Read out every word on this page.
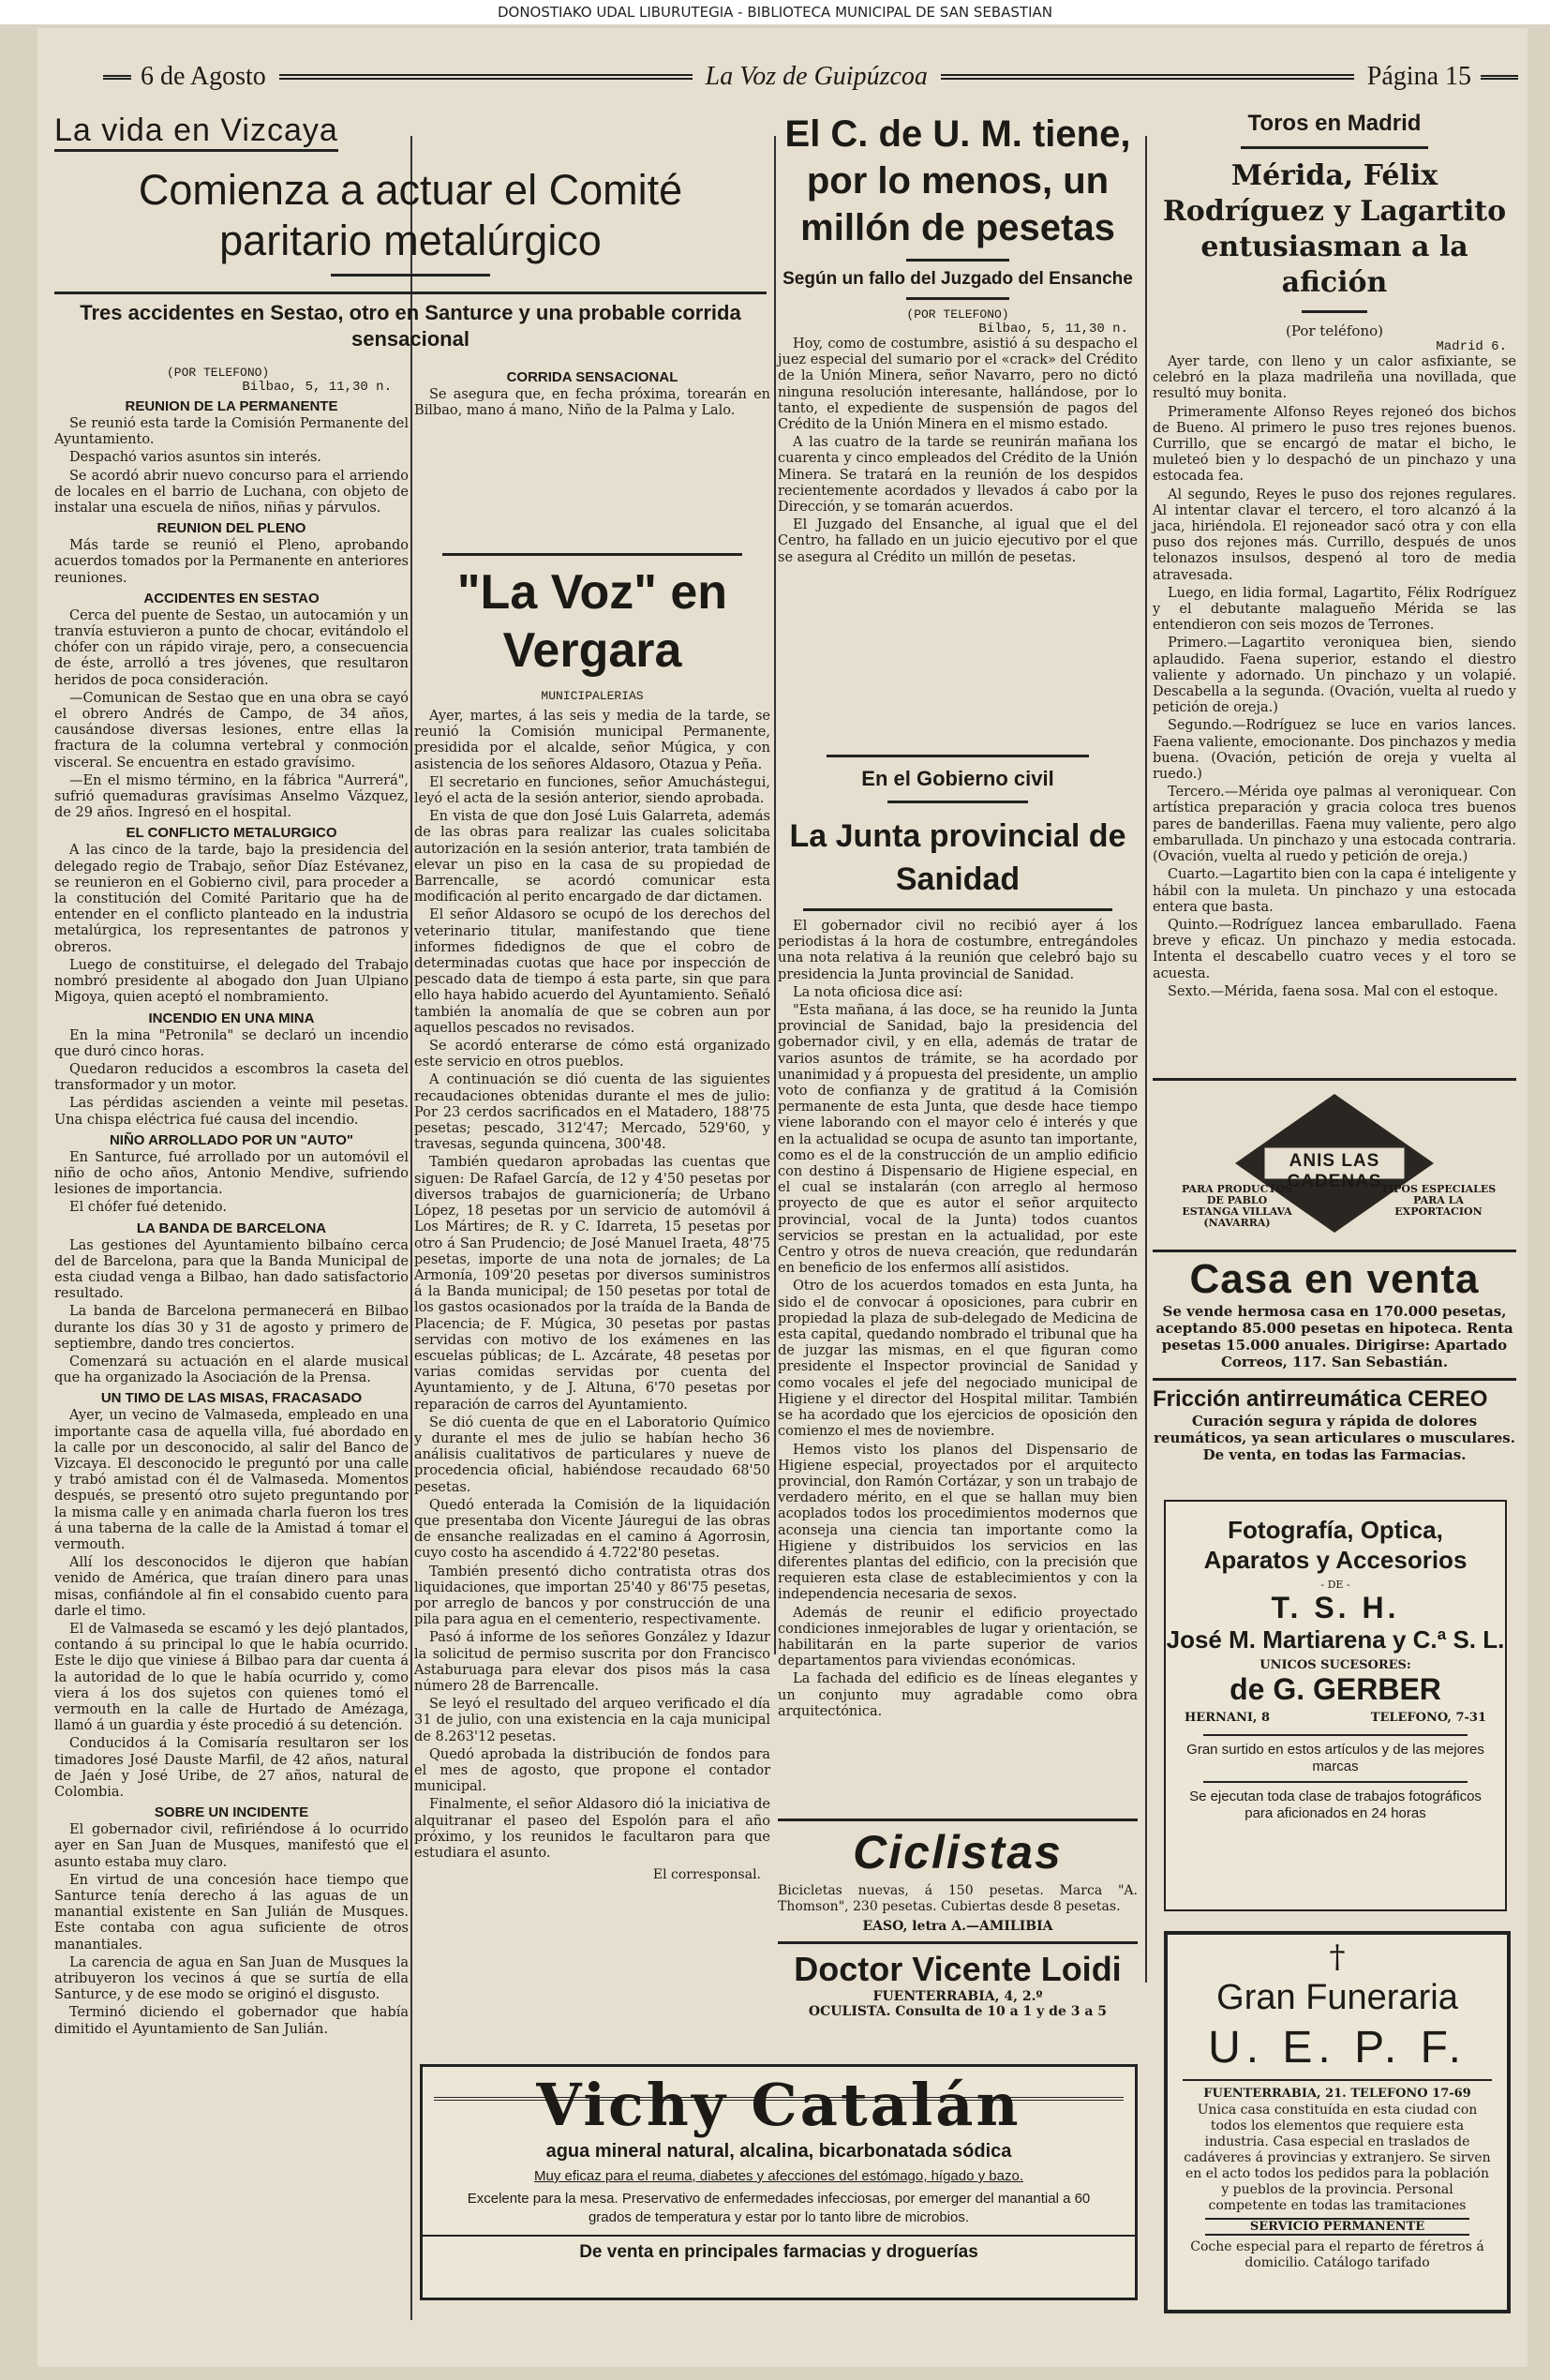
DONOSTIAKO UDAL LIBURUTEGIA - BIBLIOTECA MUNICIPAL DE SAN SEBASTIAN
6 de Agosto	La Voz de Guipúzcoa	Página 15
La vida en Vizcaya
Comienza a actuar el Comité paritario metalúrgico
Tres accidentes en Sestao, otro en Santurce y una probable corrida sensacional
(POR TELEFONO)
Bilbao, 5, 11,30 n.
REUNION DE LA PERMANENTE

Se reunió esta tarde la Comisión Permanente del Ayuntamiento.

Despachó varios asuntos sin interés.

Se acordó abrir nuevo concurso para el arriendo de locales en el barrio de Luchana, con objeto de instalar una escuela de niños, niñas y párvulos.

REUNION DEL PLENO

Más tarde se reunió el Pleno, aprobando acuerdos tomados por la Permanente en anteriores reuniones.

ACCIDENTES EN SESTAO

Cerca del puente de Sestao, un autocamión y un tranvía estuvieron a punto de chocar, evitándolo el chófer con un rápido viraje, pero, a consecuencia de éste, arrolló a tres jóvenes, que resultaron heridos de poca consideración.

—Comunican de Sestao que en una obra se cayó el obrero Andrés de Campo, de 34 años, causándose diversas lesiones, entre ellas la fractura de la columna vertebral y conmoción visceral. Se encuentra en estado gravísimo.

—En el mismo término, en la fábrica "Aurrerá", sufrió quemaduras gravísimas Anselmo Vázquez, de 29 años. Ingresó en el hospital.

EL CONFLICTO METALURGICO

A las cinco de la tarde, bajo la presidencia del delegado regio de Trabajo, señor Díaz Estévanez, se reunieron en el Gobierno civil, para proceder a la constitución del Comité Paritario que ha de entender en el conflicto planteado en la industria metalúrgica, los representantes de patronos y obreros.

Luego de constituirse, el delegado del Trabajo nombró presidente al abogado don Juan Ulpiano Migoya, quien aceptó el nombramiento.

INCENDIO EN UNA MINA

En la mina "Petronila" se declaró un incendio que duró cinco horas.

Quedaron reducidos a escombros la caseta del transformador y un motor.

Las pérdidas ascienden a veinte mil pesetas. Una chispa eléctrica fué causa del incendio.

NIÑO ARROLLADO POR UN "AUTO"

En Santurce, fué arrollado por un automóvil el niño de ocho años, Antonio Mendive, sufriendo lesiones de importancia.

El chófer fué detenido.

LA BANDA DE BARCELONA

Las gestiones del Ayuntamiento bilbaíno cerca del de Barcelona, para que la Banda Municipal de esta ciudad venga a Bilbao, han dado satisfactorio resultado.

La banda de Barcelona permanecerá en Bilbao durante los días 30 y 31 de agosto y primero de septiembre, dando tres conciertos.

Comenzará su actuación en el alarde musical que ha organizado la Asociación de la Prensa.

UN TIMO DE LAS MISAS, FRACASADO

Ayer, un vecino de Valmaseda, empleado en una importante casa de aquella villa, fué abordado en la calle por un desconocido, al salir del Banco de Vizcaya. El desconocido le preguntó por una calle y trabó amistad con él de Valmaseda. Momentos después, se presentó otro sujeto preguntando por la misma calle y en animada charla fueron los tres á una taberna de la calle de la Amistad á tomar el vermouth.

Allí los desconocidos le dijeron que habían venido de América, que traían dinero para unas misas, confiándole al fin el consabido cuento para darle el timo.

El de Valmaseda se escamó y les dejó plantados, contando á su principal lo que le había ocurrido. Este le dijo que viniese á Bilbao para dar cuenta á la autoridad de lo que le había ocurrido y, como viera á los dos sujetos con quienes tomó el vermouth en la calle de Hurtado de Amézaga, llamó á un guardia y éste procedió á su detención.

Conducidos á la Comisaría resultaron ser los timadores José Dauste Marfil, de 42 años, natural de Jaén y José Uribe, de 27 años, natural de Colombia.

SOBRE UN INCIDENTE

El gobernador civil, refiriéndose á lo ocurrido ayer en San Juan de Musques, manifestó que el asunto estaba muy claro.

En virtud de una concesión hace tiempo que Santurce tenía derecho á las aguas de un manantial existente en San Julián de Musques. Este contaba con agua suficiente de otros manantiales.

La carencia de agua en San Juan de Musques la atribuyeron los vecinos á que se surtía de ella Santurce, y de ese modo se originó el disgusto.

Terminó diciendo el gobernador que había dimitido el Ayuntamiento de San Julián.

CORRIDA SENSACIONAL

Se asegura que, en fecha próxima, torearán en Bilbao, mano á mano, Niño de la Palma y Lalo.

"La Voz" en Vergara
MUNICIPALERIAS

Ayer, martes, á las seis y media de la tarde, se reunió la Comisión municipal Permanente, presidida por el alcalde, señor Múgica, y con asistencia de los señores Aldasoro, Otazua y Peña.

El secretario en funciones, señor Amuchástegui, leyó el acta de la sesión anterior, siendo aprobada.

En vista de que don José Luis Galarreta, además de las obras para realizar las cuales solicitaba autorización en la sesión anterior, trata también de elevar un piso en la casa de su propiedad de Barrencalle, se acordó comunicar esta modificación al perito encargado de dar dictamen.

El señor Aldasoro se ocupó de los derechos del veterinario titular, manifestando que tiene informes fidedignos de que el cobro de determinadas cuotas que hace por inspección de pescado data de tiempo á esta parte, sin que para ello haya habido acuerdo del Ayuntamiento. Señaló también la anomalía de que se cobren aun por aquellos pescados no revisados.

Se acordó enterarse de cómo está organizado este servicio en otros pueblos.

A continuación se dió cuenta de las siguientes recaudaciones obtenidas durante el mes de julio: Por 23 cerdos sacrificados en el Matadero, 188'75 pesetas; pescado, 312'47; Mercado, 529'60, y travesas, segunda quincena, 300'48.

También quedaron aprobadas las cuentas que siguen: De Rafael García, de 12 y 4'50 pesetas por diversos trabajos de guarnicionería; de Urbano López, 18 pesetas por un servicio de automóvil á Los Mártires; de R. y C. Idarreta, 15 pesetas por otro á San Prudencio; de José Manuel Iraeta, 48'75 pesetas, importe de una nota de jornales; de La Armonía, 109'20 pesetas por diversos suministros á la Banda municipal; de 150 pesetas por total de los gastos ocasionados por la traída de la Banda de Placencia; de F. Múgica, 30 pesetas por pastas servidas con motivo de los exámenes en las escuelas públicas; de L. Azcárate, 48 pesetas por varias comidas servidas por cuenta del Ayuntamiento, y de J. Altuna, 6'70 pesetas por reparación de carros del Ayuntamiento.

Se dió cuenta de que en el Laboratorio Químico y durante el mes de julio se habían hecho 36 análisis cualitativos de particulares y nueve de procedencia oficial, habiéndose recaudado 68'50 pesetas.

Quedó enterada la Comisión de la liquidación que presentaba don Vicente Jáuregui de las obras de ensanche realizadas en el camino á Agorrosin, cuyo costo ha ascendido á 4.722'80 pesetas.

También presentó dicho contratista otras dos liquidaciones, que importan 25'40 y 86'75 pesetas, por arreglo de bancos y por construcción de una pila para agua en el cementerio, respectivamente.

Pasó á informe de los señores González y Idazur la solicitud de permiso suscrita por don Francisco Astaburuaga para elevar dos pisos más la casa número 28 de Barrencalle.

Se leyó el resultado del arqueo verificado el día 31 de julio, con una existencia en la caja municipal de 8.263'12 pesetas.

Quedó aprobada la distribución de fondos para el mes de agosto, que propone el contador municipal.

Finalmente, el señor Aldasoro dió la iniciativa de alquitranar el paseo del Espolón para el año próximo, y los reunidos le facultaron para que estudiara el asunto.

El corresponsal.
El C. de U. M. tiene, por lo menos, un millón de pesetas
Según un fallo del Juzgado del Ensanche
(POR TELEFONO)
Bilbao, 5, 11,30 n.

Hoy, como de costumbre, asistió á su despacho el juez especial del sumario por el «crack» del Crédito de la Unión Minera, señor Navarro, pero no dictó ninguna resolución interesante, hallándose, por lo tanto, el expediente de suspensión de pagos del Crédito de la Unión Minera en el mismo estado.

A las cuatro de la tarde se reunirán mañana los cuarenta y cinco empleados del Crédito de la Unión Minera. Se tratará en la reunión de los despidos recientemente acordados y llevados á cabo por la Dirección, y se tomarán acuerdos.

El Juzgado del Ensanche, al igual que el del Centro, ha fallado en un juicio ejecutivo por el que se asegura al Crédito un millón de pesetas.

En el Gobierno civil
La Junta provincial de Sanidad

El gobernador civil no recibió ayer á los periodistas á la hora de costumbre, entregándoles una nota relativa á la reunión que celebró bajo su presidencia la Junta provincial de Sanidad.

La nota oficiosa dice así:

"Esta mañana, á las doce, se ha reunido la Junta provincial de Sanidad, bajo la presidencia del gobernador civil, y en ella, además de tratar de varios asuntos de trámite, se ha acordado por unanimidad y á propuesta del presidente, un amplio voto de confianza y de gratitud á la Comisión permanente de esta Junta, que desde hace tiempo viene laborando con el mayor celo é interés y que en la actualidad se ocupa de asunto tan importante, como es el de la construcción de un amplio edificio con destino á Dispensario de Higiene especial, en el cual se instalarán (con arreglo al hermoso proyecto de que es autor el señor arquitecto provincial, vocal de la Junta) todos cuantos servicios se prestan en la actualidad, por este Centro y otros de nueva creación, que redundarán en beneficio de los enfermos allí asistidos.

Otro de los acuerdos tomados en esta Junta, ha sido el de convocar á oposiciones, para cubrir en propiedad la plaza de sub-delegado de Medicina de esta capital, quedando nombrado el tribunal que ha de juzgar las mismas, en el que figuran como presidente el Inspector provincial de Sanidad y como vocales el jefe del negociado municipal de Higiene y el director del Hospital militar. También se ha acordado que los ejercicios de oposición den comienzo el mes de noviembre.

Hemos visto los planos del Dispensario de Higiene especial, proyectados por el arquitecto provincial, don Ramón Cortázar, y son un trabajo de verdadero mérito, en el que se hallan muy bien acoplados todos los procedimientos modernos que aconseja una ciencia tan importante como la Higiene y distribuidos los servicios en las diferentes plantas del edificio, con la precisión que requieren esta clase de establecimientos y con la independencia necesaria de sexos.

Además de reunir el edificio proyectado condiciones inmejorables de lugar y orientación, se habilitarán en la parte superior de varios departamentos para viviendas económicas.

La fachada del edificio es de líneas elegantes y un conjunto muy agradable como obra arquitectónica.

Ciclistas
Bicicletas nuevas, á 150 pesetas. Marca "A. Thomson", 230 pesetas. Cubiertas desde 8 pesetas.
EASO, letra A.—AMILIBIA
Doctor Vicente Loidi
FUENTERRABIA, 4, 2.º
OCULISTA. Consulta de 10 a 1 y de 3 a 5
Toros en Madrid
Mérida, Félix Rodríguez y Lagartito entusiasman a la afición
(Por teléfono)
Madrid 6.

Ayer tarde, con lleno y un calor asfixiante, se celebró en la plaza madrileña una novillada, que resultó muy bonita.

Primeramente Alfonso Reyes rejoneó dos bichos de Bueno. Al primero le puso tres rejones buenos. Currillo, que se encargó de matar el bicho, le muleteó bien y lo despachó de un pinchazo y una estocada fea.

Al segundo, Reyes le puso dos rejones regulares. Al intentar clavar el tercero, el toro alcanzó á la jaca, hiriéndola. El rejoneador sacó otra y con ella puso dos rejones más. Currillo, después de unos telonazos insulsos, despenó al toro de media atravesada.

Luego, en lidia formal, Lagartito, Félix Rodríguez y el debutante malagueño Mérida se las entendieron con seis mozos de Terrones.

Primero.—Lagartito veroniquea bien, siendo aplaudido. Faena superior, estando el diestro valiente y adornado. Un pinchazo y un volapié. Descabella a la segunda. (Ovación, vuelta al ruedo y petición de oreja.)

Segundo.—Rodríguez se luce en varios lances. Faena valiente, emocionante. Dos pinchazos y media buena. (Ovación, petición de oreja y vuelta al ruedo.)

Tercero.—Mérida oye palmas al veroniquear. Con artística preparación y gracia coloca tres buenos pares de banderillas. Faena muy valiente, pero algo embarullada. Un pinchazo y una estocada contraria. (Ovación, vuelta al ruedo y petición de oreja.)

Cuarto.—Lagartito bien con la capa é inteligente y hábil con la muleta. Un pinchazo y una estocada entera que basta.

Quinto.—Rodríguez lancea embarullado. Faena breve y eficaz. Un pinchazo y media estocada. Intenta el descabello cuatro veces y el toro se acuesta.

Sexto.—Mérida, faena sosa. Mal con el estoque.

ANIS LAS CADENAS
PARA PRODUCTOS DE PABLO ESTANGA VILLAVA (NAVARRA)
TIPOS ESPECIALES PARA LA EXPORTACION
Casa en venta
Se vende hermosa casa en 170.000 pesetas, aceptando 85.000 pesetas en hipoteca. Renta pesetas 15.000 anuales. Dirigirse: Apartado Correos, 117. San Sebastián.
Fricción antirreumática CEREO
Curación segura y rápida de dolores reumáticos, ya sean articulares o musculares. De venta, en todas las Farmacias.
Fotografía, Optica, Aparatos y Accesorios
- DE -
T. S. H.
José M. Martiarena y C.ª S. L.
UNICOS SUCESORES:
de G. GERBER
HERNANI, 8	TELEFONO, 7-31
Gran surtido en estos artículos y de las mejores marcas
Se ejecutan toda clase de trabajos fotográficos para aficionados en 24 horas
†
Gran Funeraria
U. E. P. F.
FUENTERRABIA, 21. TELEFONO 17-69
Unica casa constituída en esta ciudad con todos los elementos que requiere esta industria. Casa especial en traslados de cadáveres á provincias y extranjero. Se sirven en el acto todos los pedidos para la población y pueblos de la provincia. Personal competente en todas las tramitaciones
SERVICIO PERMANENTE
Coche especial para el reparto de féretros á domicilio. Catálogo tarifado
Vichy Catalán
agua mineral natural, alcalina, bicarbonatada sódica
Muy eficaz para el reuma, diabetes y afecciones del estómago, hígado y bazo.
Excelente para la mesa. Preservativo de enfermedades infecciosas, por emerger del manantial a 60 grados de temperatura y estar por lo tanto libre de microbios.
De venta en principales farmacias y droguerías
